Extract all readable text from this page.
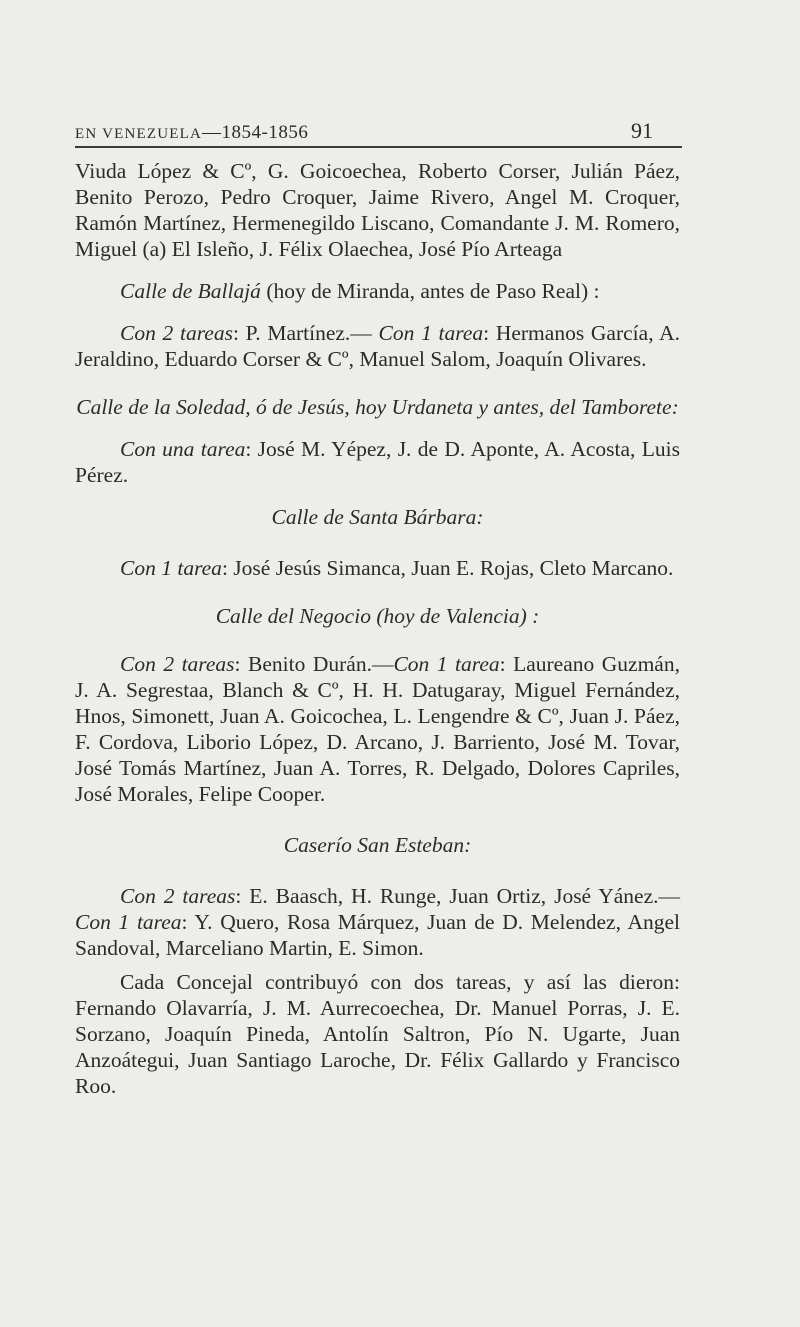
EN VENEZUELA—1854-1856	91

Viuda López & Cº, G. Goicoechea, Roberto Corser, Julián Páez, Benito Perozo, Pedro Croquer, Jaime Rivero, Angel M. Croquer, Ramón Martínez, Hermenegildo Liscano, Comandante J. M. Romero, Miguel (a) El Isleño, J. Félix Olaechea, José Pío Arteaga

Calle de Ballajá (hoy de Miranda, antes de Paso Real) :

Con 2 tareas: P. Martínez.— Con 1 tarea: Hermanos García, A. Jeraldino, Eduardo Corser & Cº, Manuel Salom, Joaquín Olivares.

Calle de la Soledad, ó de Jesús, hoy Urdaneta y antes, del Tamborete:

Con una tarea: José M. Yépez, J. de D. Aponte, A. Acosta, Luis Pérez.

Calle de Santa Bárbara:

Con 1 tarea: José Jesús Simanca, Juan E. Rojas, Cleto Marcano.

Calle del Negocio (hoy de Valencia) :

Con 2 tareas: Benito Durán.—Con 1 tarea: Laureano Guzmán, J. A. Segrestaa, Blanch & Cº, H. H. Datugaray, Miguel Fernández, Hnos, Simonett, Juan A. Goicochea, L. Lengendre & Cº, Juan J. Páez, F. Cordova, Liborio López, D. Arcano, J. Barriento, José M. Tovar, José Tomás Martínez, Juan A. Torres, R. Delgado, Dolores Capriles, José Morales, Felipe Cooper.

Caserío San Esteban:

Con 2 tareas: E. Baasch, H. Runge, Juan Ortiz, José Yánez.—Con 1 tarea: Y. Quero, Rosa Márquez, Juan de D. Melendez, Angel Sandoval, Marceliano Martin, E. Simon.

Cada Concejal contribuyó con dos tareas, y así las dieron: Fernando Olavarría, J. M. Aurrecoechea, Dr. Manuel Porras, J. E. Sorzano, Joaquín Pineda, Antolín Saltron, Pío N. Ugarte, Juan Anzoátegui, Juan Santiago Laroche, Dr. Félix Gallardo y Francisco Roo.
